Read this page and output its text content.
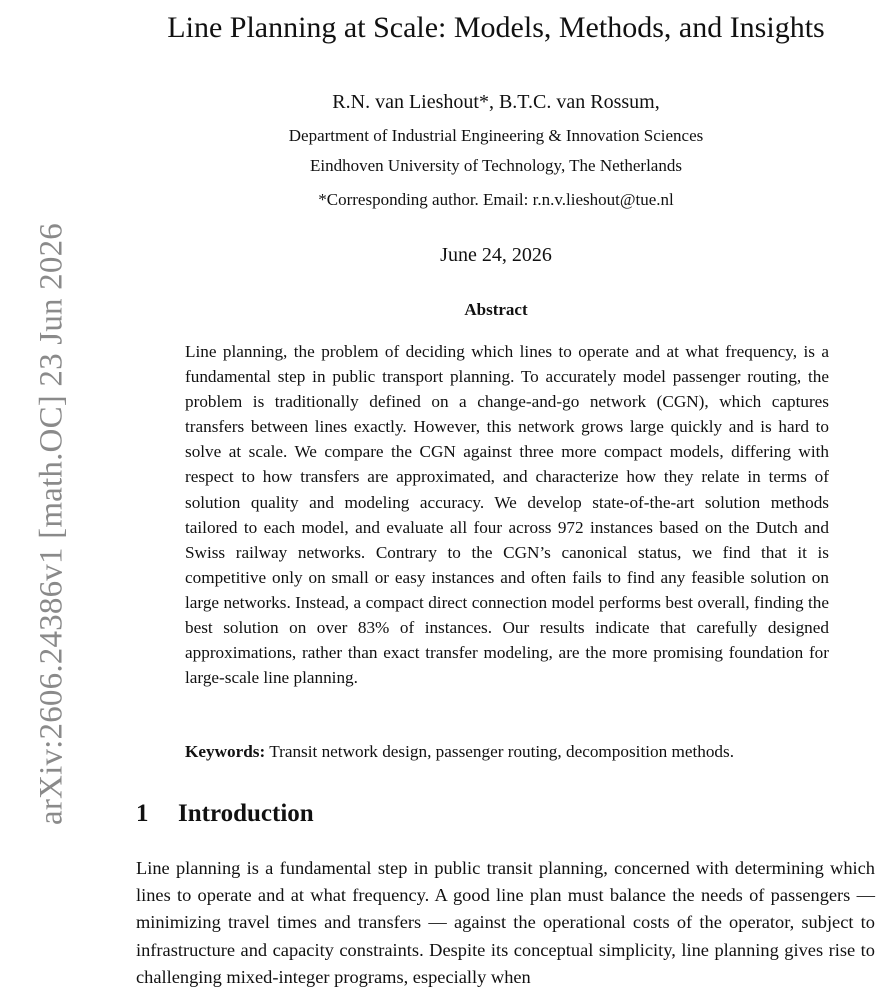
arXiv:2606.24386v1 [math.OC] 23 Jun 2026
Line Planning at Scale: Models, Methods, and Insights

R.N. van Lieshout*, B.T.C. van Rossum,

Department of Industrial Engineering & Innovation Sciences

Eindhoven University of Technology, The Netherlands

*Corresponding author. Email: r.n.v.lieshout@tue.nl

June 24, 2026

Abstract

Line planning, the problem of deciding which lines to operate and at what frequency, is a fundamental step in public transport planning. To accurately model passenger routing, the problem is traditionally defined on a change-and-go network (CGN), which captures transfers between lines exactly. However, this network grows large quickly and is hard to solve at scale. We compare the CGN against three more compact models, differing with respect to how transfers are approximated, and characterize how they relate in terms of solution quality and modeling accuracy. We develop state-of-the-art solution methods tailored to each model, and evaluate all four across 972 instances based on the Dutch and Swiss railway networks. Contrary to the CGN’s canonical status, we find that it is competitive only on small or easy instances and often fails to find any feasible solution on large networks. Instead, a compact direct connection model performs best overall, finding the best solution on over 83% of instances. Our results indicate that carefully designed approximations, rather than exact transfer modeling, are the more promising foundation for large-scale line planning.

Keywords: Transit network design, passenger routing, decomposition methods.

1 Introduction

Line planning is a fundamental step in public transit planning, concerned with determining which lines to operate and at what frequency. A good line plan must balance the needs of passengers — minimizing travel times and transfers — against the operational costs of the operator, subject to infrastructure and capacity constraints. Despite its conceptual simplicity, line planning gives rise to challenging mixed-integer programs, especially when
